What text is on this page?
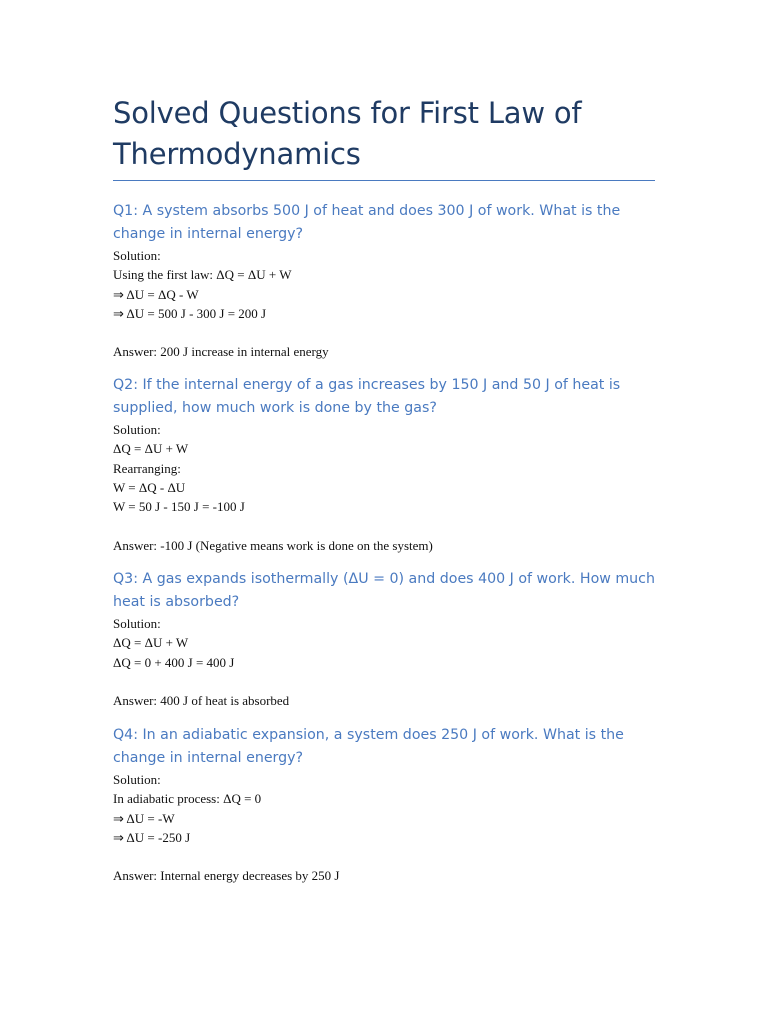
Solved Questions for First Law of Thermodynamics
Q1: A system absorbs 500 J of heat and does 300 J of work. What is the change in internal energy?
Solution:
Using the first law: ΔQ = ΔU + W
⇒ ΔU = ΔQ - W
⇒ ΔU = 500 J - 300 J = 200 J
Answer: 200 J increase in internal energy
Q2: If the internal energy of a gas increases by 150 J and 50 J of heat is supplied, how much work is done by the gas?
Solution:
ΔQ = ΔU + W
Rearranging:
W = ΔQ - ΔU
W = 50 J - 150 J = -100 J
Answer: -100 J (Negative means work is done on the system)
Q3: A gas expands isothermally (ΔU = 0) and does 400 J of work. How much heat is absorbed?
Solution:
ΔQ = ΔU + W
ΔQ = 0 + 400 J = 400 J
Answer: 400 J of heat is absorbed
Q4: In an adiabatic expansion, a system does 250 J of work. What is the change in internal energy?
Solution:
In adiabatic process: ΔQ = 0
⇒ ΔU = -W
⇒ ΔU = -250 J
Answer: Internal energy decreases by 250 J
